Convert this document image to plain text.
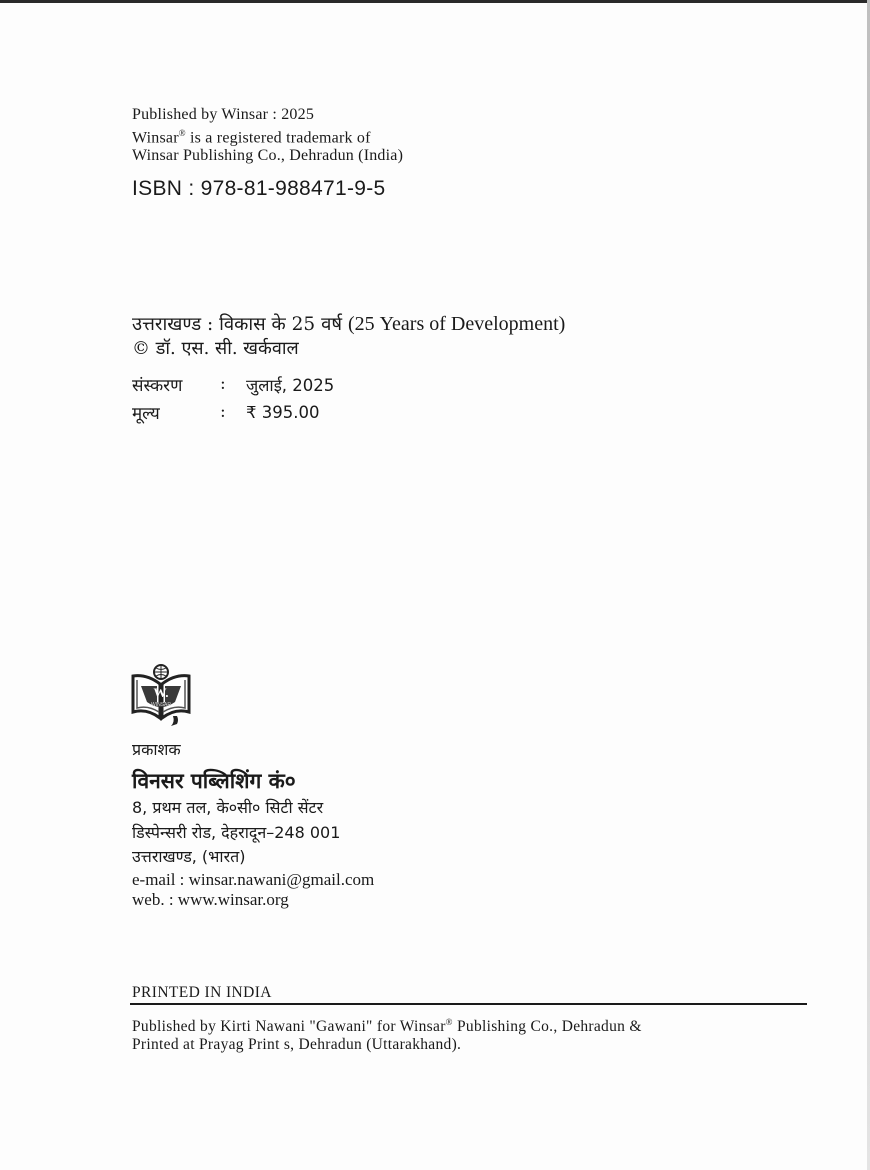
Published by Winsar : 2025
Winsar® is a registered trademark of
Winsar Publishing Co., Dehradun (India)
ISBN : 978-81-988471-9-5
उत्तराखण्ड : विकास के 25 वर्ष (25 Years of Development)
© डॉ. एस. सी. खर्कवाल
संस्करण	:	जुलाई, 2025
मूल्य	:	₹ 395.00
W.
WINSAR
प्रकाशक
विनसर पब्लिशिंग कं०
8, प्रथम तल, के०सी० सिटी सेंटर
डिस्पेन्सरी रोड, देहरादून–248 001
उत्तराखण्ड, (भारत)
e-mail : winsar.nawani@gmail.com
web. : www.winsar.org
PRINTED IN INDIA
Published by Kirti Nawani "Gawani" for Winsar® Publishing Co., Dehradun &
Printed at Prayag Print s, Dehradun (Uttarakhand).
